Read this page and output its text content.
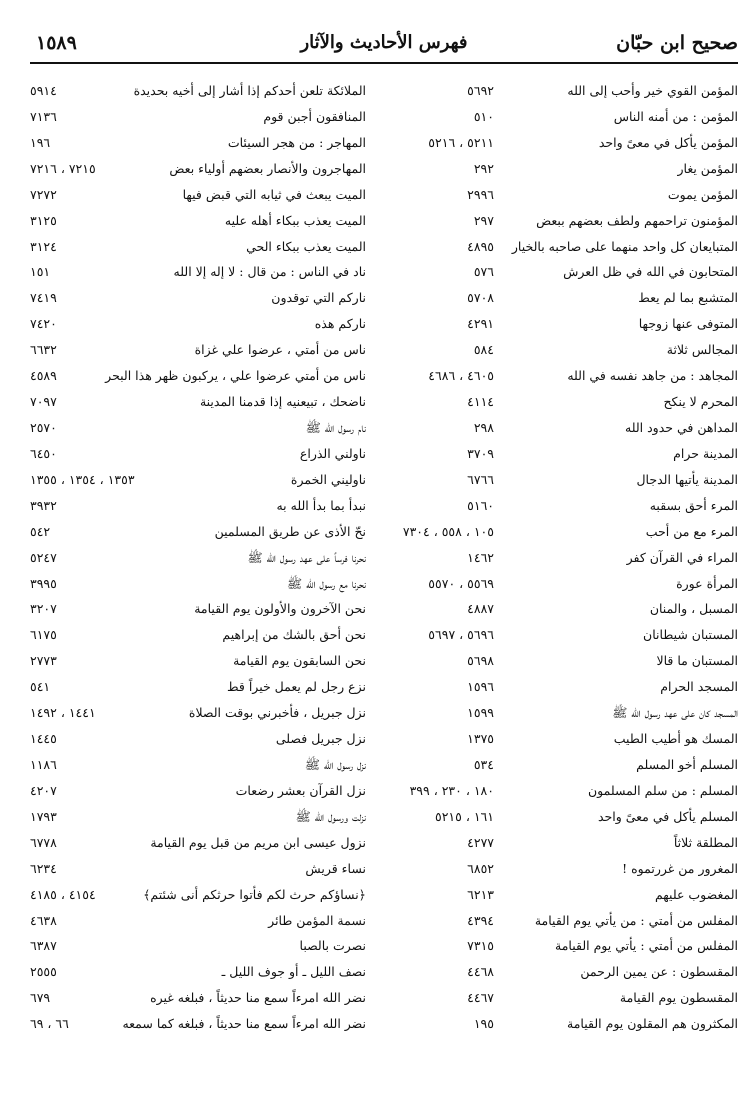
صحيح ابن حبّان
فهرس الأحاديث والآثار
١٥٨٩
المؤمن القوي خير وأحب إلى الله
٥٦٩٢
المؤمن : من أمنه الناس
٥١٠
المؤمن يأكل في معىً واحد
٥٢١١ ، ٥٢١٦
المؤمن يغار
٢٩٢
المؤمن يموت
٢٩٩٦
المؤمنون تراحمهم ولطف بعضهم ببعض
٢٩٧
المتبايعان كل واحد منهما على صاحبه بالخيار
٤٨٩٥
المتحابون في الله في ظل العرش
٥٧٦
المتشبع بما لم يعط
٥٧٠٨
المتوفى عنها زوجها
٤٢٩١
المجالس ثلاثة
٥٨٤
المجاهد : من جاهد نفسه في الله
٤٦٠٥ ، ٤٦٨٦
المحرم لا ينكح
٤١١٤
المداهن في حدود الله
٢٩٨
المدينة حرام
٣٧٠٩
المدينة يأتيها الدجال
٦٧٦٦
المرء أحق بسقبه
٥١٦٠
المرء مع من أحب
١٠٥ ، ٥٥٨ ، ٧٣٠٤
المراء في القرآن كفر
١٤٦٢
المرأة عورة
٥٥٦٩ ، ٥٥٧٠
المسبل ، والمنان
٤٨٨٧
المستبان شيطانان
٥٦٩٦ ، ٥٦٩٧
المستبان ما قالا
٥٦٩٨
المسجد الحرام
١٥٩٦
المسجد كان على عهد رسول الله ﷺ
١٥٩٩
المسك هو أطيب الطيب
١٣٧٥
المسلم أخو المسلم
٥٣٤
المسلم : من سلم المسلمون
١٨٠ ، ٢٣٠ ، ٣٩٩
المسلم يأكل في معىً واحد
١٦١ ، ٥٢١٥
المطلقة ثلاثاً
٤٢٧٧
المغرور من غررتموه !
٦٨٥٢
المغضوب عليهم
٦٢١٣
المفلس من أمتي : من يأتي يوم القيامة
٤٣٩٤
المفلس من أمتي : يأتي يوم القيامة
٧٣١٥
المقسطون : عن يمين الرحمن
٤٤٦٨
المقسطون يوم القيامة
٤٤٦٧
المكثرون هم المقلون يوم القيامة
١٩٥
الملائكة تلعن أحدكم إذا أشار إلى أخيه بحديدة
٥٩١٤
المنافقون أجبن قوم
٧١٣٦
المهاجر : من هجر السيئات
١٩٦
المهاجرون والأنصار بعضهم أولياء بعض
٧٢١٥ ، ٧٢١٦
الميت يبعث في ثيابه التي قبض فيها
٧٢٧٢
الميت يعذب ببكاء أهله عليه
٣١٢٥
الميت يعذب ببكاء الحي
٣١٢٤
ناد في الناس : من قال : لا إله إلا الله
١٥١
ناركم التي توقدون
٧٤١٩
ناركم هذه
٧٤٢٠
ناس من أمتي ، عرضوا علي غزاة
٦٦٣٢
ناس من أمتي عرضوا علي ، يركبون ظهر هذا البحر
٤٥٨٩
ناضحك ، تبيعنيه إذا قدمنا المدينة
٧٠٩٧
نام رسول الله ﷺ
٢٥٧٠
ناولني الذراع
٦٤٥٠
ناوليني الخمرة
١٣٥٣ ، ١٣٥٤ ، ١٣٥٥
نبدأ بما بدأ الله به
٣٩٣٢
نحّ الأذى عن طريق المسلمين
٥٤٢
نحرنا فرساً على عهد رسول الله ﷺ
٥٢٤٧
نحرنا مع رسول الله ﷺ
٣٩٩٥
نحن الآخرون والأولون يوم القيامة
٣٢٠٧
نحن أحق بالشك من إبراهيم
٦١٧٥
نحن السابقون يوم القيامة
٢٧٧٣
نزع رجل لم يعمل خيراً قط
٥٤١
نزل جبريل ، فأخبرني بوقت الصلاة
١٤٤١ ، ١٤٩٢
نزل جبريل فصلى
١٤٤٥
نزل رسول الله ﷺ
١١٨٦
نزل القرآن بعشر رضعات
٤٢٠٧
نزلت ورسول الله ﷺ
١٧٩٣
نزول عيسى ابن مريم من قبل يوم القيامة
٦٧٧٨
نساء قريش
٦٢٣٤
﴿نساؤكم حرث لكم فأتوا حرثكم أنى شئتم﴾
٤١٥٤ ، ٤١٨٥
نسمة المؤمن طائر
٤٦٣٨
نصرت بالصبا
٦٣٨٧
نصف الليل ـ أو جوف الليل ـ
٢٥٥٥
نضر الله امرءاً سمع منا حديثاً ، فبلغه غيره
٦٧٩
نضر الله امرءاً سمع منا حديثاً ، فبلغه كما سمعه
٦٦ ، ٦٩
